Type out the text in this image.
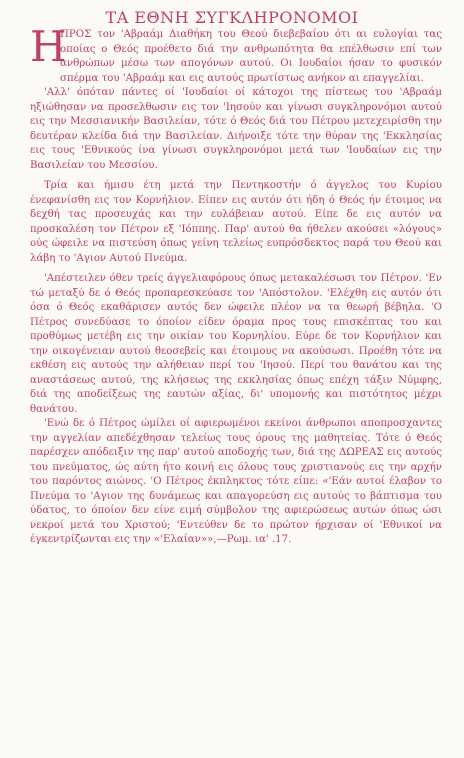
ΤΑ ΕΘΝΗ ΣΥΓΚΛΗΡΟΝΟΜΟΙ
Η

ΠΡΟΣ τον 'Αβραάμ Διαθήκη του Θεού διεβεβαίου ότι αι ευλογίαι τας οποίας ο Θεός προέθετο διά την ανθρωπότητα θα επέλθωσιν επί των ανθρώπων μέσω των απογόνων αυτού. Οι Ιουδαίοι ήσαν το φυσικόν σπέρμα του 'Αβραάμ και εις αυτούς πρωτίστως ανήκον αι επαγγελίαι.

'Αλλ' όπόταν πάντες οί 'Ιουδαίοι οί κάτοχοι της πίστεως του 'Αβραάμ ηξιώθησαν να προσελθωσιν εις τον 'Ιησούν και γίνωσι συγκληρονόμοι αυτού εις την Μεσσιανικήν Βασιλείαν, τότε ό Θεός διά του Πέτρου μετεχειρίσθη την δευτέραν κλείδα διά την Βασιλείαν. Διήνοιξε τότε την θύραν της 'Εκκλησίας εις τους 'Εθνικούς ίνα γίνωσι συγκληρονόμοι μετά των 'Ιουδαίων εις την Βασιλείαν του Μεσσίου.

Τρία και ήμισυ έτη μετά την Πεντηκοστήν ό άγγελος του Κυρίου ένεφανίσθη εις τον Κορνήλιον. Είπεν εις αυτόν ότι ήδη ό Θεός ήν έτοιμος να δεχθή τας προσευχάς και την ευλάβειαν αυτού. Είπε δε εις αυτόν να προσκαλέση τον Πέτρον εξ 'Ιόππης. Παρ' αυτού θα ήθελεν ακούσει «λόγους» ούς ώφειλε να πιστεύση όπως γείνη τελείως ευπρόσδεκτος παρά του Θεού και λάβη το 'Αγιον Αυτού Πνεύμα.

'Απέστειλεν όθεν τρείς άγγελιαφόρους όπως μετακαλέσωσι τον Πέτρον. 'Εν τώ μεταξύ δε ό Θεός προπαρεσκεύασε τον 'Απόστολον. 'Ελέχθη εις αυτόν ότι όσα ό Θεός εκαθάρισεν αυτός δεν ώφειλε πλέον να τα θεωρή βέβηλα. 'Ο Πέτρος συνεδύασε το όποίον είδεν όραμα προς τους επισκέπτας του και προθύμως μετέβη εις την οικίαν του Κορνηλίου. Εύρε δε τον Κορνήλιον και την οικογένειαν αυτού θεοσεβείς και έτοιμους να ακούσωσι. Προέθη τότε να εκθέση εις αυτούς την αλήθειαν περί του 'Ιησού. Περί του θανάτου και της αναστάσεως αυτού, της κλήσεως της εκκλησίας όπως επέχη τάξιν Νύμφης, διά της αποδείξεως της εαυτών αξίας, δι' υπομονής και πιστότητος μέχρι θανάτου.

'Ενώ δε ό Πέτρος ώμίλει οί αφιερωμένοι εκείνοι άνθρωποι αποπροσχαντες την αγγελίαν απεδέχθησαν τελείως τους όρους της μαθητείας. Τότε ό Θεός παρέσχεν απόδειξιν της παρ' αυτού αποδοχής των, διά της ΔΩΡΕΑΣ εις αυτούς του πνεύματος, ώς αύτη ήτο κοινή εις όλους τους χριστιανούς εις την αρχήν του παρόντος αιώνος. 'Ο Πέτρος έκπληκτος τότε είπε: «'Εάν αυτοί έλαβον το Πνεύμα το 'Αγιον της δυνάμεως και απαγορεύση εις αυτούς το βάπτισμα του ύδατος, το όποίον δεν είνε ειμή σύμβολον της αφιερώσεως αυτών όπως ώσι νεκροί μετά του Χριστού; 'Εντεύθεν δε το πρώτον ήρχισαν οί 'Εθνικοί να έγκεντρίζωνται εις την «'Ελαίαν»»,—Ρωμ. ια' .17.
